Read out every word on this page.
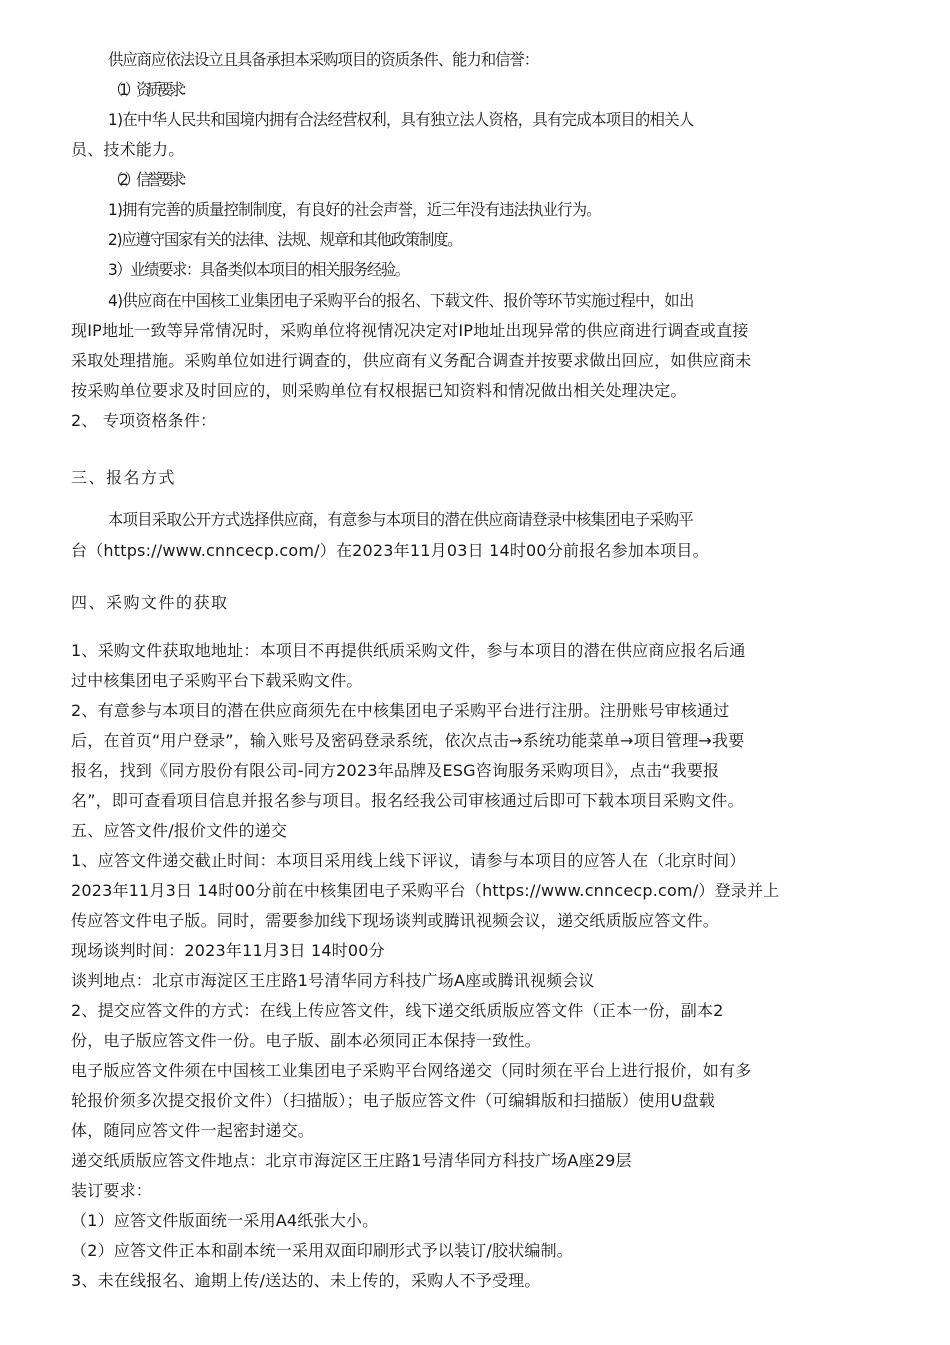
供应商应依法设立且具备承担本采购项目的资质条件、能力和信誉：
（1）资质要求：
1)在中华人民共和国境内拥有合法经营权利，具有独立法人资格，具有完成本项目的相关人
员、技术能力。
（2）信誉要求：
1)拥有完善的质量控制制度，有良好的社会声誉，近三年没有违法执业行为。
2)应遵守国家有关的法律、法规、规章和其他政策制度。
3）业绩要求：具备类似本项目的相关服务经验。
4)供应商在中国核工业集团电子采购平台的报名、下载文件、报价等环节实施过程中，如出
现IP地址一致等异常情况时，采购单位将视情况决定对IP地址出现异常的供应商进行调查或直接
采取处理措施。采购单位如进行调查的，供应商有义务配合调查并按要求做出回应，如供应商未
按采购单位要求及时回应的，则采购单位有权根据已知资料和情况做出相关处理决定。
2、 专项资格条件：
三、报名方式
本项目采取公开方式选择供应商，有意参与本项目的潜在供应商请登录中核集团电子采购平
台（https://www.cnncecp.com/）在2023年11月03日 14时00分前报名参加本项目。
四、采购文件的获取
1、采购文件获取地地址：本项目不再提供纸质采购文件，参与本项目的潜在供应商应报名后通
过中核集团电子采购平台下载采购文件。
2、有意参与本项目的潜在供应商须先在中核集团电子采购平台进行注册。注册账号审核通过
后，在首页“用户登录”，输入账号及密码登录系统，依次点击→系统功能菜单→项目管理→我要
报名，找到《同方股份有限公司-同方2023年品牌及ESG咨询服务采购项目》，点击“我要报
名”，即可查看项目信息并报名参与项目。报名经我公司审核通过后即可下载本项目采购文件。
五、应答文件/报价文件的递交
1、应答文件递交截止时间：本项目采用线上线下评议，请参与本项目的应答人在（北京时间）
2023年11月3日 14时00分前在中核集团电子采购平台（https://www.cnncecp.com/）登录并上
传应答文件电子版。同时，需要参加线下现场谈判或腾讯视频会议，递交纸质版应答文件。
现场谈判时间：2023年11月3日 14时00分
谈判地点：北京市海淀区王庄路1号清华同方科技广场A座或腾讯视频会议
2、提交应答文件的方式：在线上传应答文件，线下递交纸质版应答文件（正本一份，副本2
份，电子版应答文件一份。电子版、副本必须同正本保持一致性。
电子版应答文件须在中国核工业集团电子采购平台网络递交（同时须在平台上进行报价，如有多
轮报价须多次提交报价文件）（扫描版）；电子版应答文件（可编辑版和扫描版）使用U盘载
体，随同应答文件一起密封递交。
递交纸质版应答文件地点：北京市海淀区王庄路1号清华同方科技广场A座29层
装订要求：
（1）应答文件版面统一采用A4纸张大小。
（2）应答文件正本和副本统一采用双面印刷形式予以装订/胶状编制。
3、未在线报名、逾期上传/送达的、未上传的，采购人不予受理。
